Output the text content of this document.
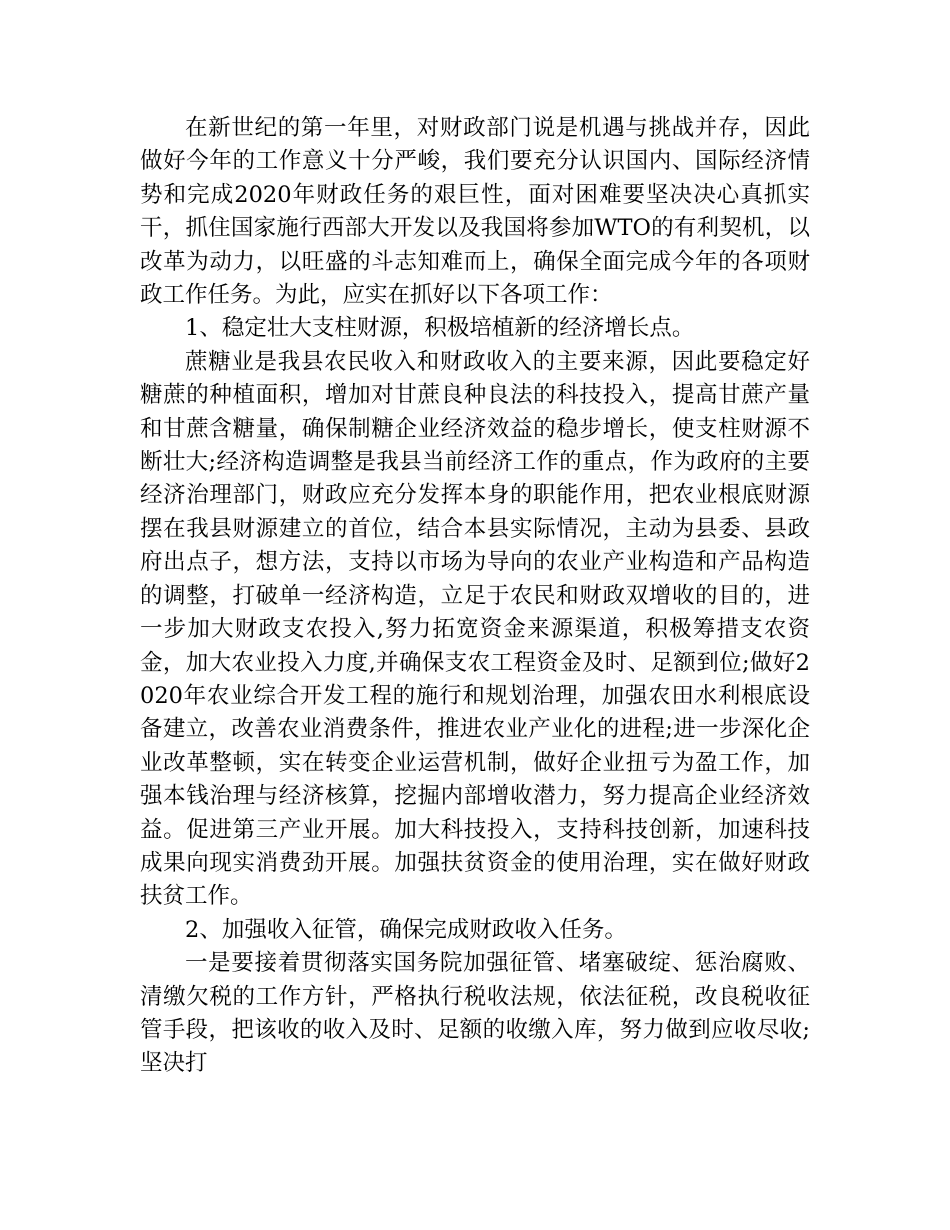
在新世纪的第一年里，对财政部门说是机遇与挑战并存，因此做好今年的工作意义十分严峻，我们要充分认识国内、国际经济情势和完成2020年财政任务的艰巨性，面对困难要坚决决心真抓实干，抓住国家施行西部大开发以及我国将参加WTO的有利契机，以改革为动力，以旺盛的斗志知难而上，确保全面完成今年的各项财政工作任务。为此，应实在抓好以下各项工作：

1、稳定壮大支柱财源，积极培植新的经济增长点。

蔗糖业是我县农民收入和财政收入的主要来源，因此要稳定好糖蔗的种植面积，增加对甘蔗良种良法的科技投入，提高甘蔗产量和甘蔗含糖量，确保制糖企业经济效益的稳步增长，使支柱财源不断壮大;经济构造调整是我县当前经济工作的重点，作为政府的主要经济治理部门，财政应充分发挥本身的职能作用，把农业根底财源摆在我县财源建立的首位，结合本县实际情况，主动为县委、县政府出点子，想方法，支持以市场为导向的农业产业构造和产品构造的调整，打破单一经济构造，立足于农民和财政双增收的目的，进一步加大财政支农投入,努力拓宽资金来源渠道，积极筹措支农资金，加大农业投入力度,并确保支农工程资金及时、足额到位;做好2020年农业综合开发工程的施行和规划治理，加强农田水利根底设备建立，改善农业消费条件，推进农业产业化的进程;进一步深化企业改革整顿，实在转变企业运营机制，做好企业扭亏为盈工作，加强本钱治理与经济核算，挖掘内部增收潜力，努力提高企业经济效益。促进第三产业开展。加大科技投入，支持科技创新，加速科技成果向现实消费劲开展。加强扶贫资金的使用治理，实在做好财政扶贫工作。

2、加强收入征管，确保完成财政收入任务。

一是要接着贯彻落实国务院加强征管、堵塞破绽、惩治腐败、清缴欠税的工作方针，严格执行税收法规，依法征税，改良税收征管手段，把该收的收入及时、足额的收缴入库，努力做到应收尽收;坚决打
